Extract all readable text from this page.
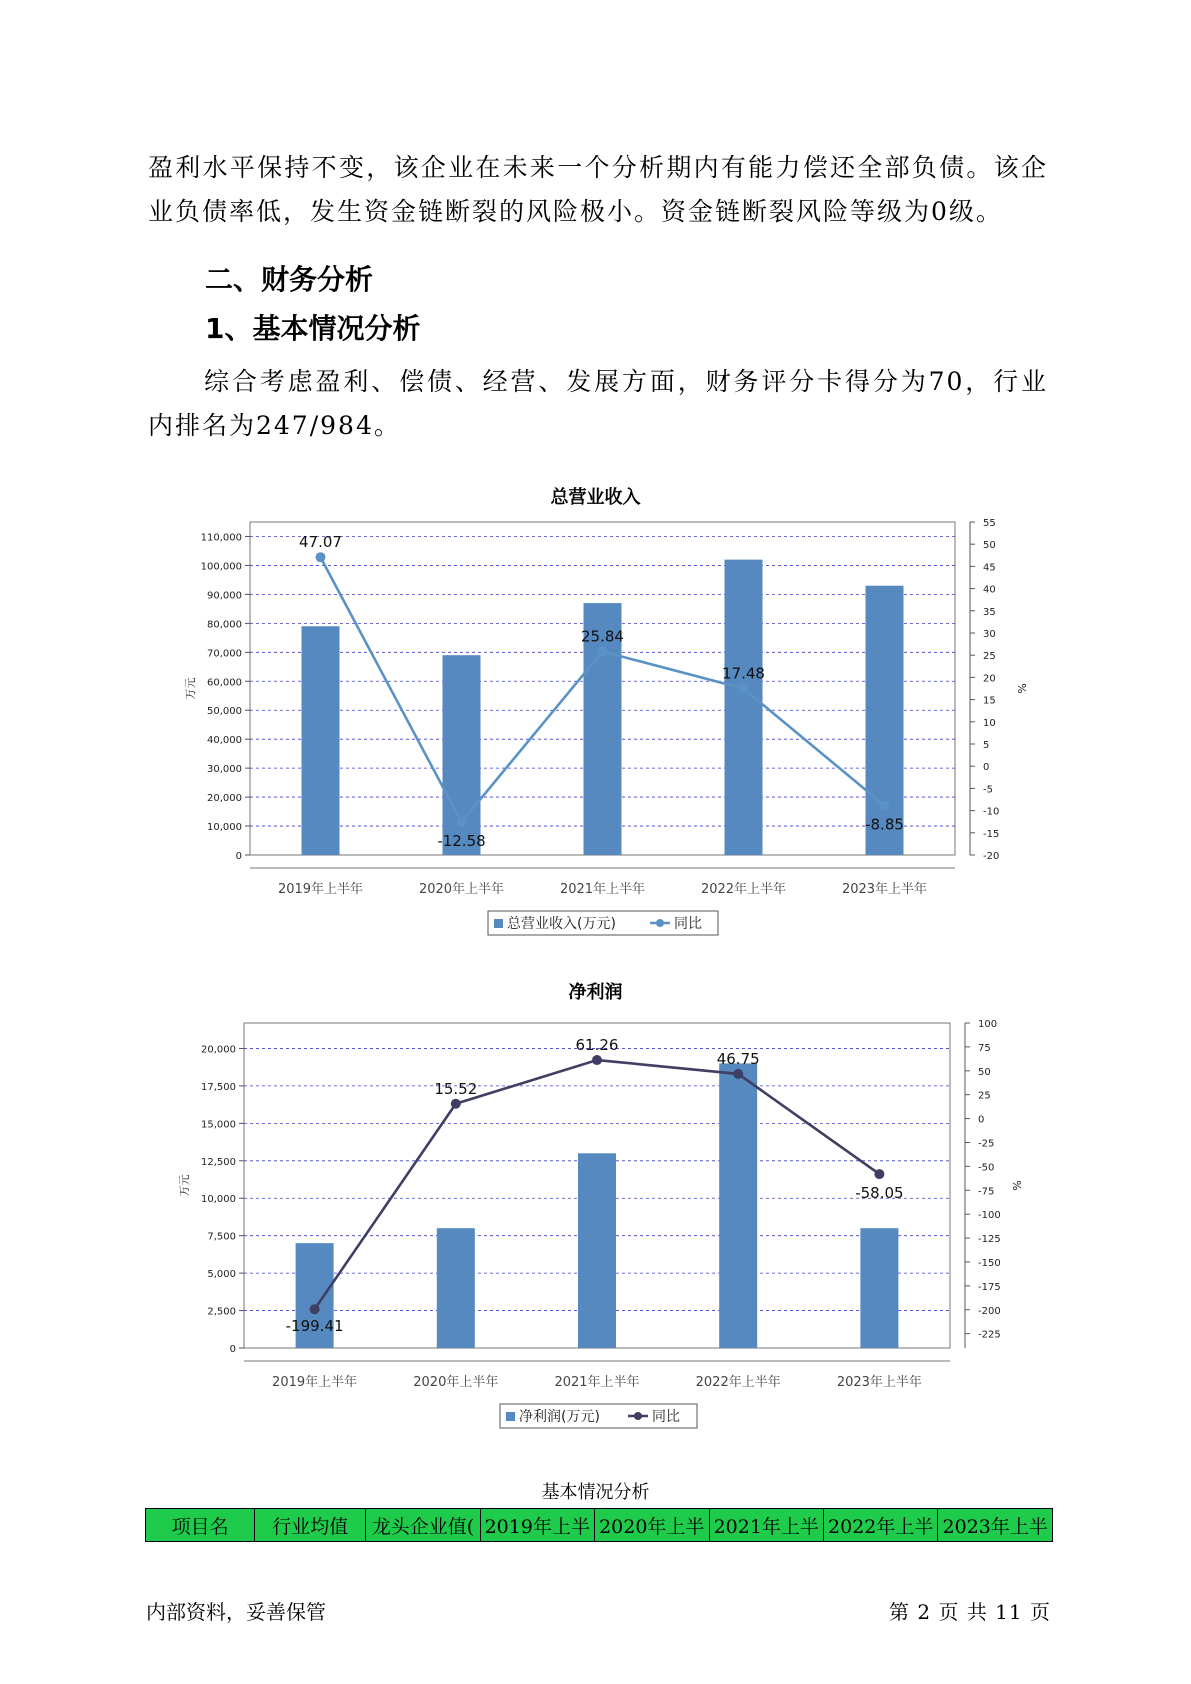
盈利水平保持不变，该企业在未来一个分析期内有能力偿还全部负债。该企业负债率低，发生资金链断裂的风险极小。资金链断裂风险等级为0级。

二、财务分析
1、基本情况分析

综合考虑盈利、偿债、经营、发展方面，财务评分卡得分为70，行业内排名为247/984。

总营业收入
0
10,000
20,000
30,000
40,000
50,000
60,000
70,000
80,000
90,000
100,000
110,000
-20
-15
-10
-5
0
5
10
15
20
25
30
35
40
45
50
55
万元	%
2019年上半年	2020年上半年	2021年上半年	2022年上半年	2023年上半年
47.07
-12.58
25.84
17.48
-8.85
总营业收入(万元)	同比
净利润
0
2,500
5,000
7,500
10,000
12,500
15,000
17,500
20,000
-225
-200
-175
-150
-125
-100
-75
-50
-25
0
25
50
75
100
万元	%
2019年上半年	2020年上半年	2021年上半年	2022年上半年	2023年上半年
-199.41
15.52
61.26
46.75
-58.05
净利润(万元)	同比
基本情况分析
项目名	行业均值	龙头企业值(	2019年上半	2020年上半	2021年上半	2022年上半	2023年上半
内部资料，妥善保管	第 2 页 共 11 页
